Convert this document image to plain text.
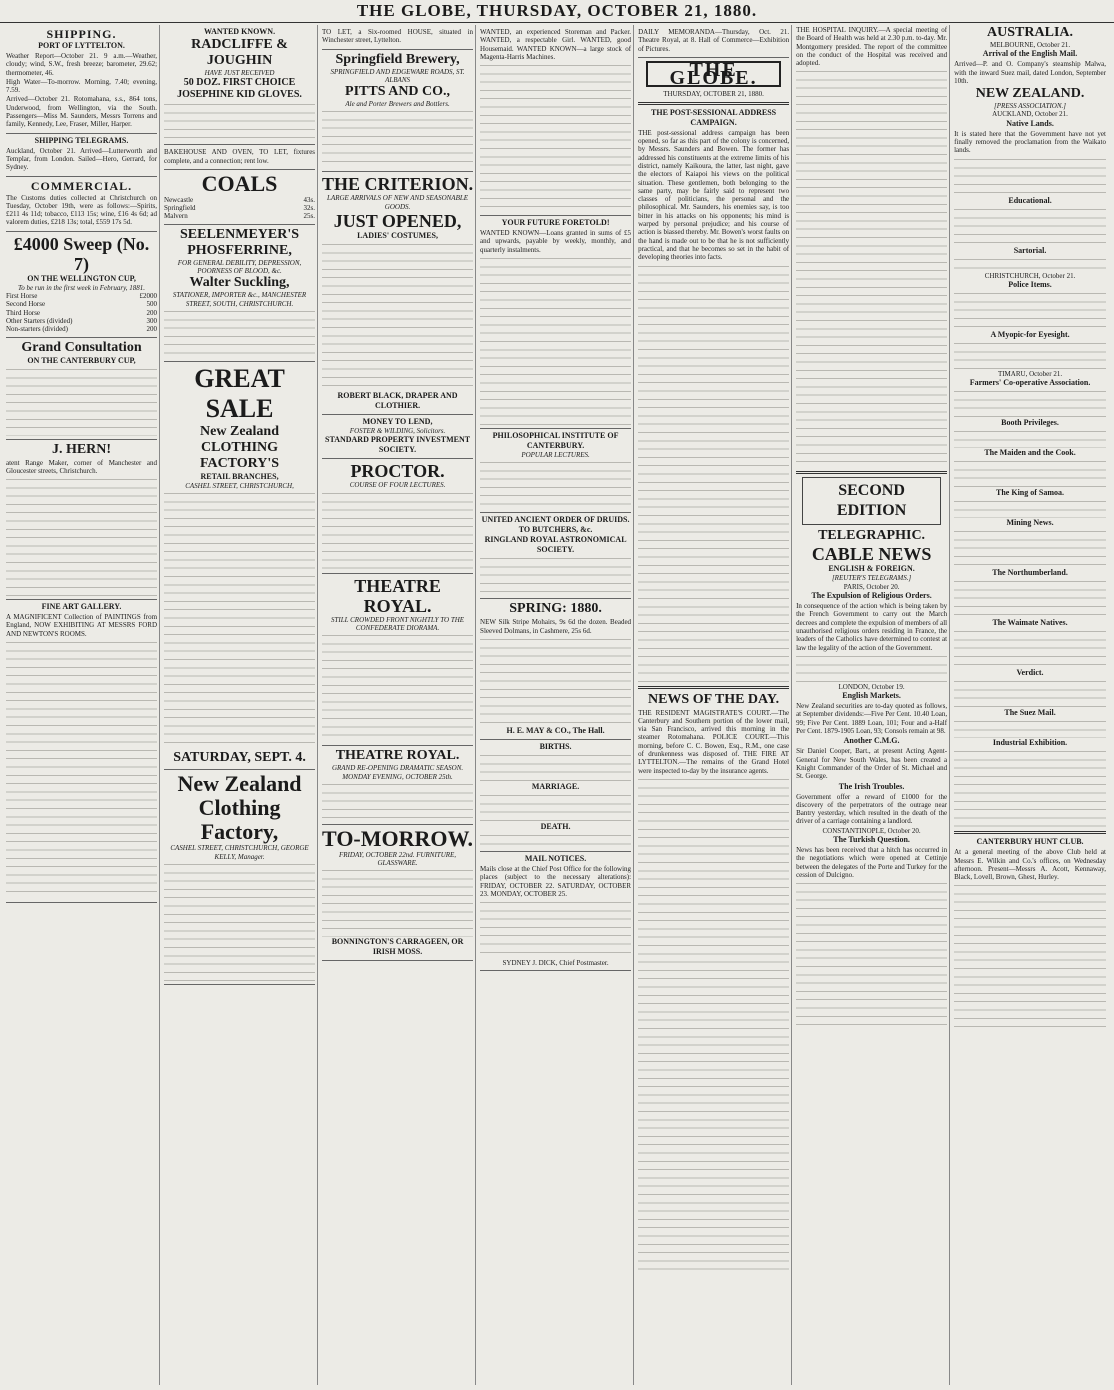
THE GLOBE, THURSDAY, OCTOBER 21, 1880.
SHIPPING.
PORT OF LYTTELTON.
Weather Report—October 21. 9 a.m.—Weather, cloudy; wind, S.W., fresh breeze; barometer, 29.62; thermometer, 46.
High Water—To-morrow. Morning, 7.40; evening, 7.59.
Arrived—October 21. Rotomahana, s.s., 864 tons, Underwood, from Wellington, via the South. Passengers—Miss M. Saunders, Messrs Torrens and family, Kennedy, Lee, Fraser, Miller, Harper.
SHIPPING TELEGRAMS.
Auckland, October 21. Arrived—Lutterworth and Templar, from London. Sailed—Hero, Gerrard, for Sydney.
COMMERCIAL.
The Customs duties collected at Christchurch on Tuesday, October 19th, were as follows:—Spirits, £211 4s 11d; tobacco, £113 15s; wine, £16 4s 6d; ad valorem duties, £218 13s; total, £559 17s 5d.
£4000 Sweep (No. 7)
ON THE WELLINGTON CUP,
To be run in the first week in February, 1881.
First Horse	£2000
Second Horse	500
Third Horse	200
Other Starters (divided)	300
Non-starters (divided)	200
Grand Consultation
ON THE CANTERBURY CUP,
J. HERN!
atent Range Maker, corner of Manchester and Gloucester streets, Christchurch.
FINE ART GALLERY.
A MAGNIFICENT Collection of PAINTINGS from England, NOW EXHIBITING AT MESSRS FORD AND NEWTON'S ROOMS.
WANTED KNOWN.
RADCLIFFE & JOUGHIN
HAVE JUST RECEIVED
50 DOZ. FIRST CHOICE JOSEPHINE KID GLOVES.
BAKEHOUSE AND OVEN, TO LET, fixtures complete, and a connection; rent low.
COALS
Newcastle	43s.
Springfield	32s.
Malvern	25s.
SEELENMEYER'S PHOSFERRINE,
FOR GENERAL DEBILITY, DEPRESSION, POORNESS OF BLOOD, &c.
Walter Suckling,
STATIONER, IMPORTER &c., MANCHESTER STREET, SOUTH, CHRISTCHURCH.
GREAT SALE
New Zealand
CLOTHING FACTORY'S
RETAIL BRANCHES,
CASHEL STREET, CHRISTCHURCH,
SATURDAY, SEPT. 4.
New Zealand Clothing Factory,
CASHEL STREET, CHRISTCHURCH, GEORGE KELLY, Manager.
TO LET, a Six-roomed HOUSE, situated in Winchester street, Lyttelton.
Springfield Brewery,
SPRINGFIELD AND EDGEWARE ROADS, ST. ALBANS
PITTS AND CO.,
Ale and Porter Brewers and Bottlers.
THE CRITERION.
LARGE ARRIVALS OF NEW AND SEASONABLE GOODS.
JUST OPENED,
LADIES' COSTUMES,
ROBERT BLACK, DRAPER AND CLOTHIER.
MONEY TO LEND,
FOSTER & WILDING, Solicitors.
STANDARD PROPERTY INVESTMENT SOCIETY.
PROCTOR.
COURSE OF FOUR LECTURES.
THEATRE ROYAL.
STILL CROWDED FRONT NIGHTLY TO THE CONFEDERATE DIORAMA.
THEATRE ROYAL.
GRAND RE-OPENING DRAMATIC SEASON. MONDAY EVENING, OCTOBER 25th.
TO-MORROW.
FRIDAY, OCTOBER 22nd. FURNITURE, GLASSWARE.
BONNINGTON'S CARRAGEEN, OR IRISH MOSS.
WANTED, an experienced Storeman and Packer. WANTED, a respectable Girl. WANTED, good Housemaid. WANTED KNOWN—a large stock of Magenta-Harris Machines.
YOUR FUTURE FORETOLD!
WANTED KNOWN—Loans granted in sums of £5 and upwards, payable by weekly, monthly, and quarterly instalments.
PHILOSOPHICAL INSTITUTE OF CANTERBURY.
POPULAR LECTURES.
UNITED ANCIENT ORDER OF DRUIDS.
TO BUTCHERS, &c.
RINGLAND ROYAL ASTRONOMICAL SOCIETY.
SPRING: 1880.
NEW Silk Stripe Mohairs, 9s 6d the dozen. Beaded Sleeved Dolmans, in Cashmere, 25s 6d.
H. E. MAY & CO., The Hall.
BIRTHS.
MARRIAGE.
DEATH.
MAIL NOTICES.
Mails close at the Chief Post Office for the following places (subject to the necessary alterations): FRIDAY, OCTOBER 22. SATURDAY, OCTOBER 23. MONDAY, OCTOBER 25.
SYDNEY J. DICK, Chief Postmaster.
DAILY MEMORANDA—Thursday, Oct. 21. Theatre Royal, at 8. Hall of Commerce—Exhibition of Pictures.
THE GLOBE.
THURSDAY, OCTOBER 21, 1880.
THE POST-SESSIONAL ADDRESS CAMPAIGN.
THE post-sessional address campaign has been opened, so far as this part of the colony is concerned, by Messrs. Saunders and Bowen. The former has addressed his constituents at the extreme limits of his district, namely Kaikoura, the latter, last night, gave the electors of Kaiapoi his views on the political situation. These gentlemen, both belonging to the same party, may be fairly said to represent two classes of politicians, the personal and the philosophical. Mr. Saunders, his enemies say, is too bitter in his attacks on his opponents; his mind is warped by personal prejudice; and his course of action is biassed thereby. Mr. Bowen's worst faults on the hand is made out to be that he is not sufficiently practical, and that he becomes so set in the habit of developing theories into facts.
NEWS OF THE DAY.
THE RESIDENT MAGISTRATE'S COURT.—The Canterbury and Southern portion of the lower mail, via San Francisco, arrived this morning in the steamer Rotomahana. POLICE COURT.—This morning, before C. C. Bowen, Esq., R.M., one case of drunkenness was disposed of. THE FIRE AT LYTTELTON.—The remains of the Grand Hotel were inspected to-day by the insurance agents.
THE HOSPITAL INQUIRY.—A special meeting of the Board of Health was held at 2.30 p.m. to-day. Mr. Montgomery presided. The report of the committee on the conduct of the Hospital was received and adopted.
SECOND EDITION
TELEGRAPHIC.
CABLE NEWS
ENGLISH & FOREIGN.
[REUTER'S TELEGRAMS.]
PARIS, October 20.
The Expulsion of Religious Orders.
In consequence of the action which is being taken by the French Government to carry out the March decrees and complete the expulsion of members of all unauthorised religious orders residing in France, the leaders of the Catholics have determined to contest at law the legality of the action of the Government.
LONDON, October 19.
English Markets.
New Zealand securities are to-day quoted as follows, at September dividends:—Five Per Cent. 10.40 Loan, 99; Five Per Cent. 1889 Loan, 101; Four and a-Half Per Cent. 1879-1905 Loan, 93; Consols remain at 98.
Another C.M.G.
Sir Daniel Cooper, Bart., at present Acting Agent-General for New South Wales, has been created a Knight Commander of the Order of St. Michael and St. George.
The Irish Troubles.
Government offer a reward of £1000 for the discovery of the perpetrators of the outrage near Bantry yesterday, which resulted in the death of the driver of a carriage containing a landlord.
CONSTANTINOPLE, October 20.
The Turkish Question.
News has been received that a hitch has occurred in the negotiations which were opened at Cettinje between the delegates of the Porte and Turkey for the cession of Dulcigno.
AUSTRALIA.
MELBOURNE, October 21.
Arrival of the English Mail.
Arrived—P. and O. Company's steamship Malwa, with the inward Suez mail, dated London, September 10th.
NEW ZEALAND.
[PRESS ASSOCIATION.]
AUCKLAND, October 21.
Native Lands.
It is stated here that the Government have not yet finally removed the proclamation from the Waikato lands.
Educational.
Sartorial.
CHRISTCHURCH, October 21.
Police Items.
A Myopic-for Eyesight.
TIMARU, October 21.
Farmers' Co-operative Association.
Booth Privileges.
The Maiden and the Cook.
The King of Samoa.
Mining News.
The Northumberland.
The Waimate Natives.
Verdict.
The Suez Mail.
Industrial Exhibition.
CANTERBURY HUNT CLUB.
At a general meeting of the above Club held at Messrs E. Wilkin and Co.'s offices, on Wednesday afternoon. Present—Messrs A. Acott, Kennaway, Black, Lovell, Brown, Ghest, Hurley.
